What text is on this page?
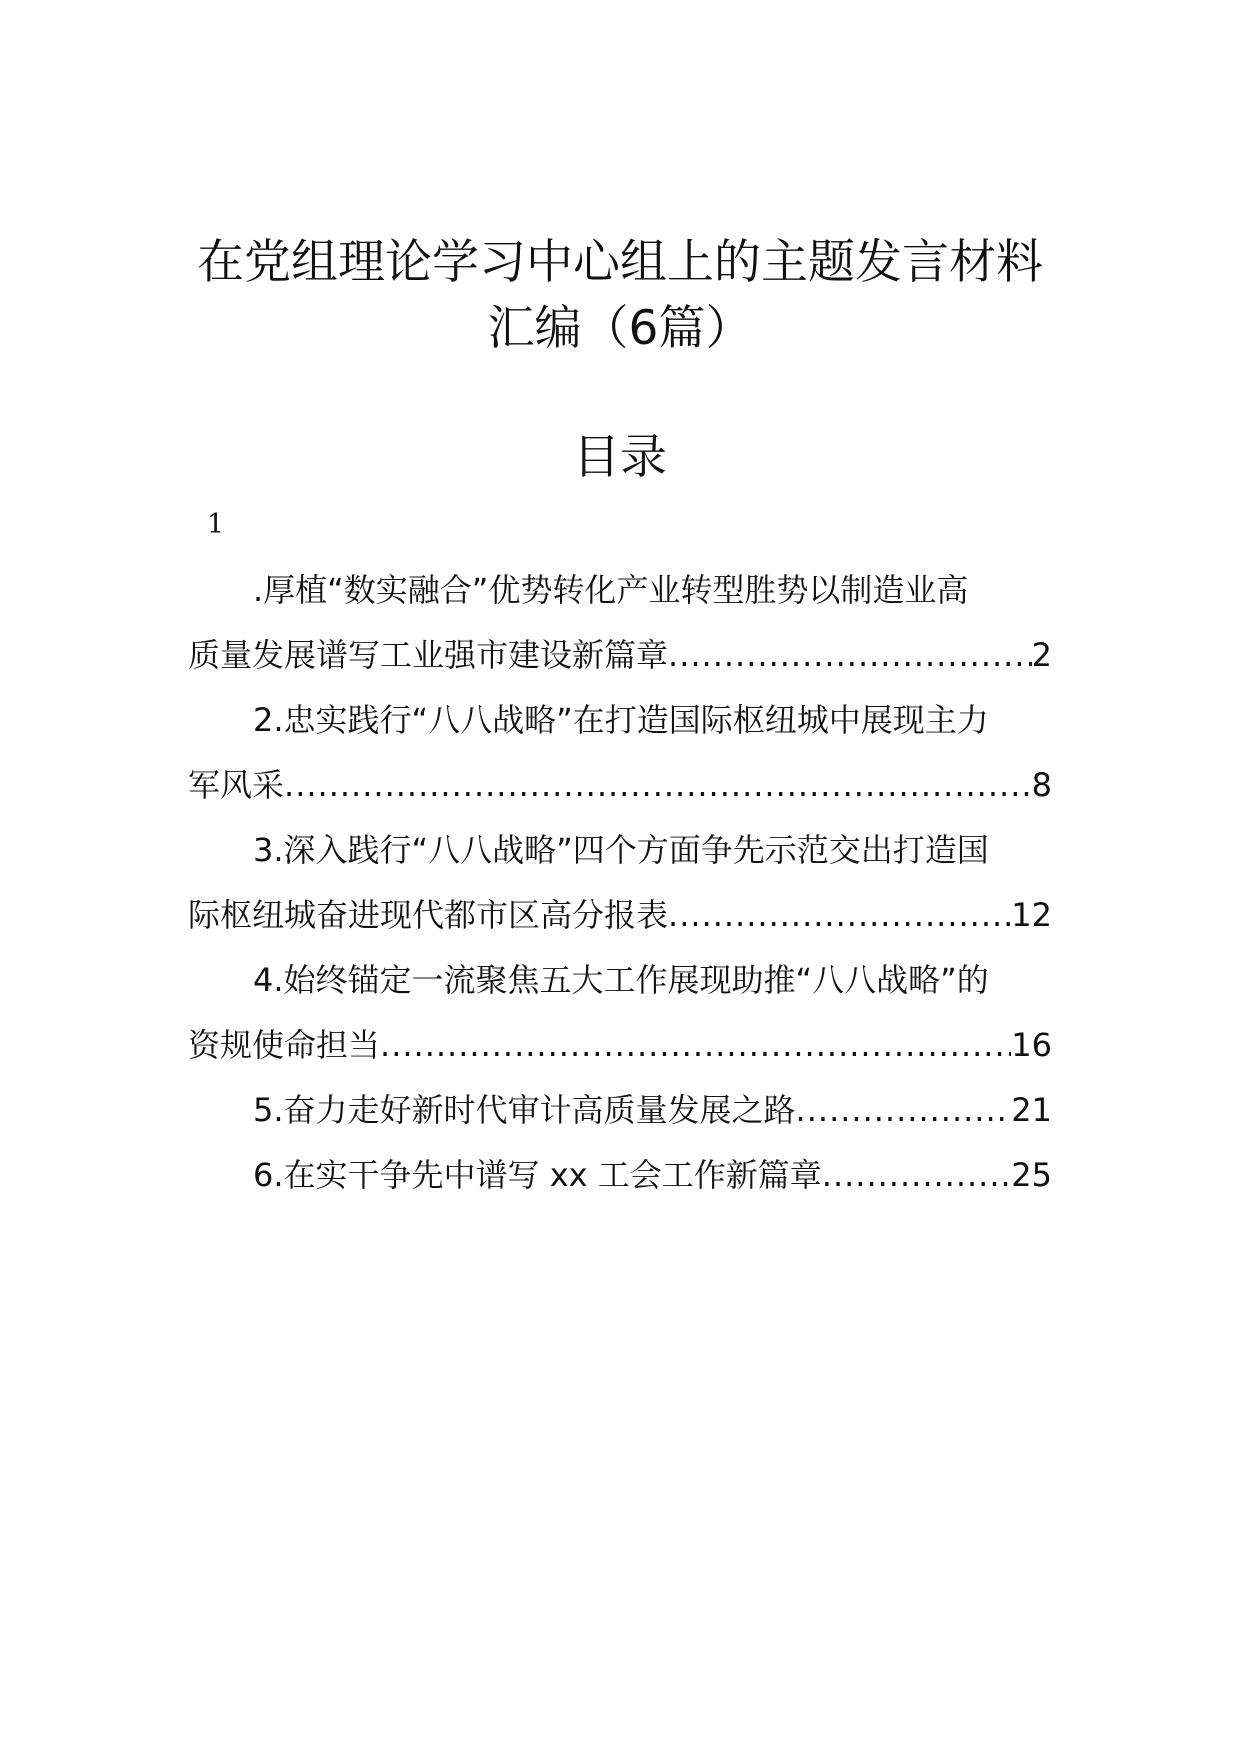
在党组理论学习中心组上的主题发言材料
汇编（6篇）
目录
1
.厚植“数实融合”优势转化产业转型胜势以制造业高
质量发展谱写工业强市建设新篇章 .....	2
2.忠实践行“八八战略”在打造国际枢纽城中展现主力
军风采 .....	8
3.深入践行“八八战略”四个方面争先示范交出打造国
际枢纽城奋进现代都市区高分报表 .....	12
4.始终锚定一流聚焦五大工作展现助推“八八战略”的
资规使命担当 .....	16
5.奋力走好新时代审计高质量发展之路 .....	21
6.在实干争先中谱写 xx 工会工作新篇章 .....	25
